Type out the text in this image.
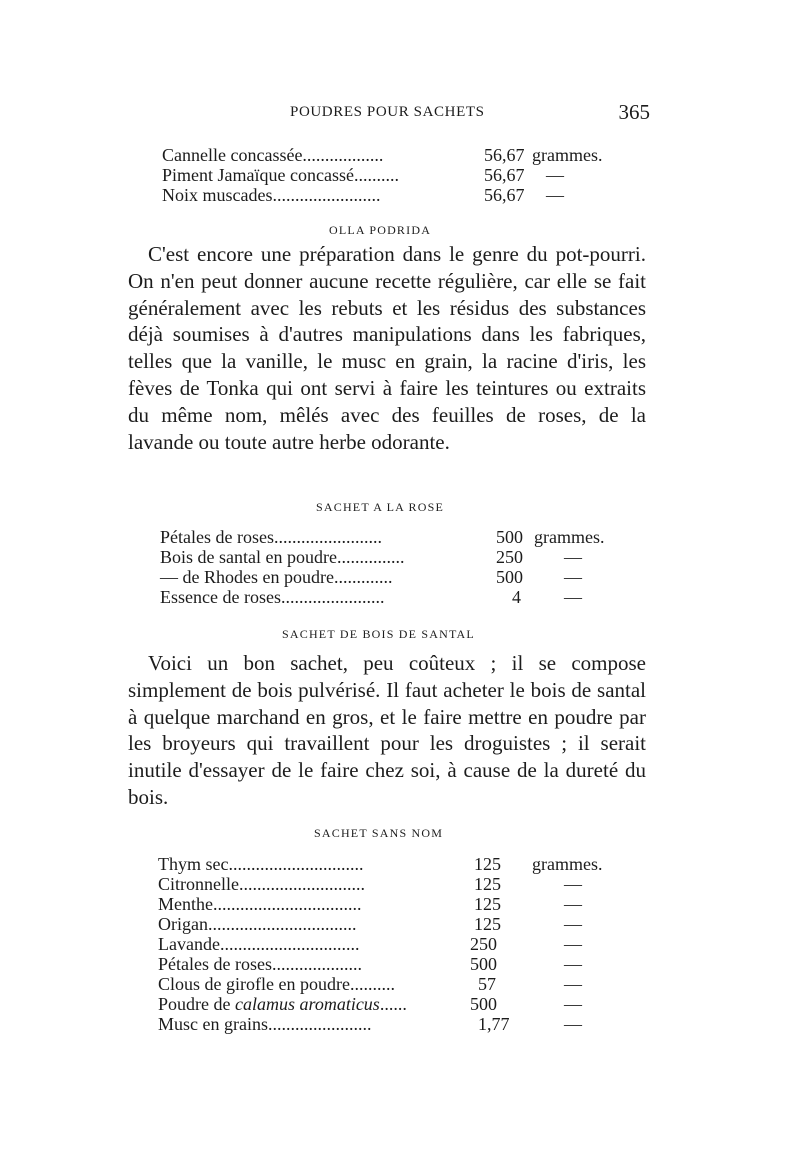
POUDRES POUR SACHETS	365
Cannelle concassée..................	56,67 grammes.
Piment Jamaïque concassé..........	56,67 —
Noix muscades........................	56,67 —
OLLA PODRIDA

C'est encore une préparation dans le genre du pot-pourri. On n'en peut donner aucune recette régulière, car elle se fait généralement avec les rebuts et les résidus des substances déjà soumises à d'autres manipulations dans les fabriques, telles que la vanille, le musc en grain, la racine d'iris, les fèves de Tonka qui ont servi à faire les teintures ou extraits du même nom, mêlés avec des feuilles de roses, de la lavande ou toute autre herbe odorante.

SACHET A LA ROSE
Pétales de roses........................	500 grammes.
Bois de santal en poudre...............	250 —
— de Rhodes en poudre.............	500 —
Essence de roses.......................	4 —
SACHET DE BOIS DE SANTAL

Voici un bon sachet, peu coûteux ; il se compose simplement de bois pulvérisé. Il faut acheter le bois de santal à quelque marchand en gros, et le faire mettre en poudre par les broyeurs qui travaillent pour les droguistes ; il serait inutile d'essayer de le faire chez soi, à cause de la dureté du bois.

SACHET SANS NOM
Thym sec..............................	125 grammes.
Citronnelle............................	125	—
Menthe.................................	125	—
Origan.................................	125	—
Lavande...............................	250	—
Pétales de roses....................	500	—
Clous de girofle en poudre..........	57	—
Poudre de calamus aromaticus......	500	—
Musc en grains.......................	1,77	—
